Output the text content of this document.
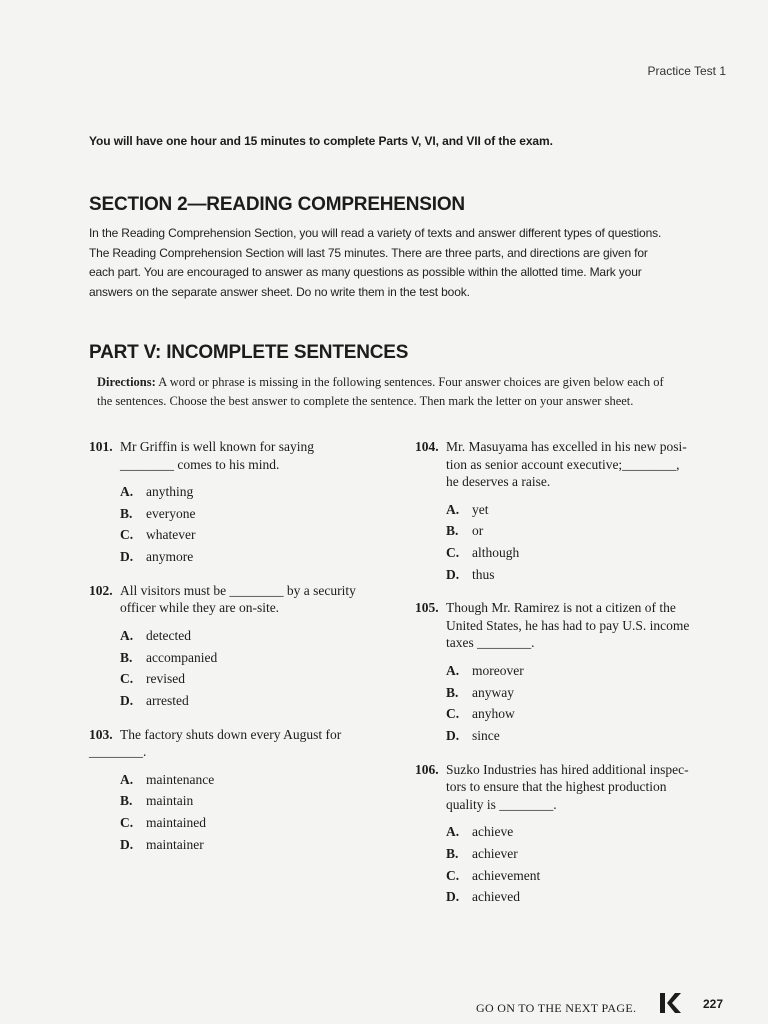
Practice Test 1
You will have one hour and 15 minutes to complete Parts V, VI, and VII of the exam.
SECTION 2—READING COMPREHENSION
In the Reading Comprehension Section, you will read a variety of texts and answer different types of questions.
The Reading Comprehension Section will last 75 minutes. There are three parts, and directions are given for
each part. You are encouraged to answer as many questions as possible within the allotted time. Mark your
answers on the separate answer sheet. Do no write them in the test book.
PART V: INCOMPLETE SENTENCES
Directions: A word or phrase is missing in the following sentences. Four answer choices are given below each of
the sentences. Choose the best answer to complete the sentence. Then mark the letter on your answer sheet.
101. Mr Griffin is well known for saying
________ comes to his mind.
A. anything
B.	everyone
C. whatever
D. anymore
102. All visitors must be ________ by a security
officer while they are on-site.
A. detected
B.	accompanied
C. revised
D. arrested
103. The factory shuts down every August for
________.
A. maintenance
B.	maintain
C. maintained
D. maintainer
104. Mr. Masuyama has excelled in his new posi-
tion as senior account executive;________,
he deserves a raise.
A. yet
B.	or
C. although
D. thus
105. Though Mr. Ramirez is not a citizen of the
United States, he has had to pay U.S. income
taxes ________.
A. moreover
B.	anyway
C. anyhow
D. since
106. Suzko Industries has hired additional inspec-
tors to ensure that the highest production
quality is ________.
A. achieve
B.	achiever
C. achievement
D. achieved
GO ON TO THE NEXT PAGE.	227
